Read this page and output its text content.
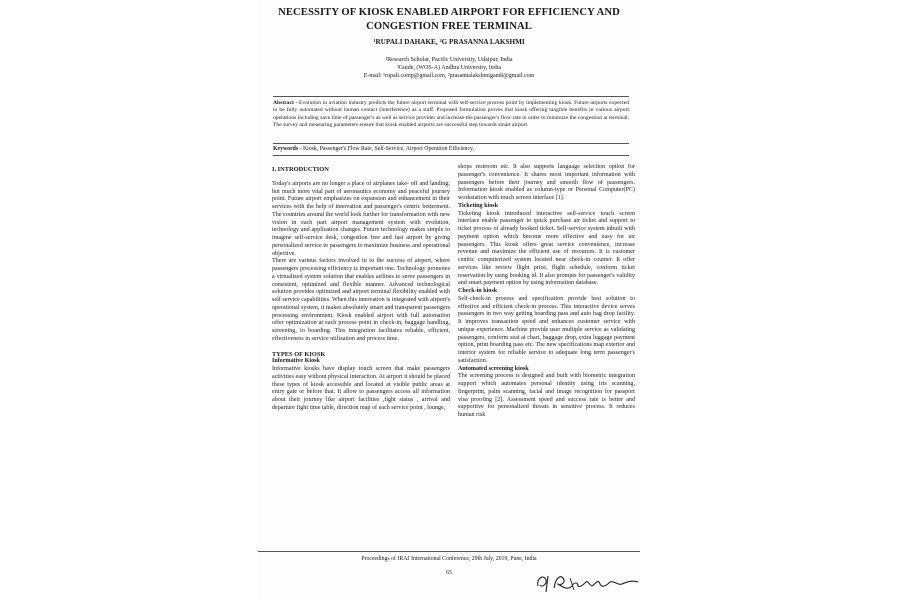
NECESSITY OF KIOSK ENABLED AIRPORT FOR EFFICIENCY AND
CONGESTION FREE TERMINAL
¹RUPALI DAHAKE, ²G PRASANNA LAKSHMI
¹Research Scholar, Pacific University, Udaipur, India
²Guide, (WOS-A) Andhra University, India
E-mail: ¹rupali.comp@gmail.com, ²prasannalakshmigandi@gmail.com
Abstract - Evolution in aviation industry predicts the future airport terminal with self-service process point by implementing kiosk. Future airports expected to be fully automated without human contact (interference) as a staff. Proposed formulation proves that kiosk offering tangible benefits in various airport operations including save time of passenger's as well as service provider and increase the passenger's flow rate in order to minimize the congestion at terminal. The survey and measuring parameters ensure that kiosk enabled airports are successful step towards smart airport.
Keywords - Kiosk, Passenger's Flow Rate, Self-Service, Airport Operation Efficiency.

I. INTRODUCTION

Today's airports are no longer a place of airplanes take- off and landing; but much more vital part of aeronautics economy and peaceful journey point. Future airport emphasizes on expansion and enhancement in their services with the help of innovation and passenger's centric betterment. The countries around the world look further for transformation with new vision in each part airport management system with evolution, technology and application changes. Future technology makes simple to imagine self-service desk, congestion free and fast airport by giving personalized service to passengers to maximize business and operational objective.

There are various factors involved in to the success of airport, where passengers processing efficiency is important one. Technology promotes a virtualized system solution that enables airlines to serve passengers in consistent, optimized and flexible manner. Advanced technological solution provides optimized and airport terminal flexibility enabled with self service capabilities. When this innovation is integrated with airport's operational system, it makes absolutely smart and transparent passengers processing environment. Kiosk enabled airport with full automation offer optimization at each process point in check-in, baggage handling, screening, to boarding. This integration facilitates reliable, efficient, effectiveness in service utilization and process time.

TYPES OF KIOSK

Informative Kiosk

Informative kiosks have display touch screen that make passengers activities easy without physical interaction. At airport it should be placed these types of kiosk accessible and located at visible public areas at entry gate or before that. It allow to passengers access all information about their journey like airport facilities ,fight status , arrival and departure fight time table, direction map of each service point , lounge,

shops restroom etc. It also supports language selection option for passenger's convenience. It shares most important information with passengers before their journey and smooth flow of passengers. Information kiosk enabled as column-type or Personal Computer(PC) workstation with touch screen interface [1].

Ticketing kiosk

Ticketing kiosk introduced interactive self-service touch screen interface enable passenger to quick purchase air ticket and support to ticket process of already booked ticket. Self-service system inbuilt with payment option which become more effective and easy for air passengers. This kiosk offers great service convenience, increase revenue and maximize the efficient use of resources. It is customer centric computerized system located near check-in counter. It offer services like review flight price, flight schedule, conform ticket reservation by using booking id. It also prompts for passenger's validity and smart payment option by using information database.

Check-in kiosk

Self-check-in process and specification provide best solution to effective and efficient check-in process. This interactive device serves passengers in two way getting boarding pass and auto bag drop facility. It improves transaction speed and enhances customer service with unique experience. Machine provide user multiple service as validating passengers, conform seat at chart, baggage drop, extra luggage payment option, print boarding pass etc. The new specifications map exterior and interior system for reliable service to adequate long term passenger's satisfaction.

Automated screening kiosk

The screening process is designed and built with biometric integration support which automates personal identity using iris scanning, fingerprint, palm scanning, facial and image recognition for passport visa proofing [2]. Assessment speed and success rate is better and supportive for personalized threats in sensitive process. It reduces human risk

Proceedings of IRAJ International Conference, 29th July, 2019, Pune, India
65
